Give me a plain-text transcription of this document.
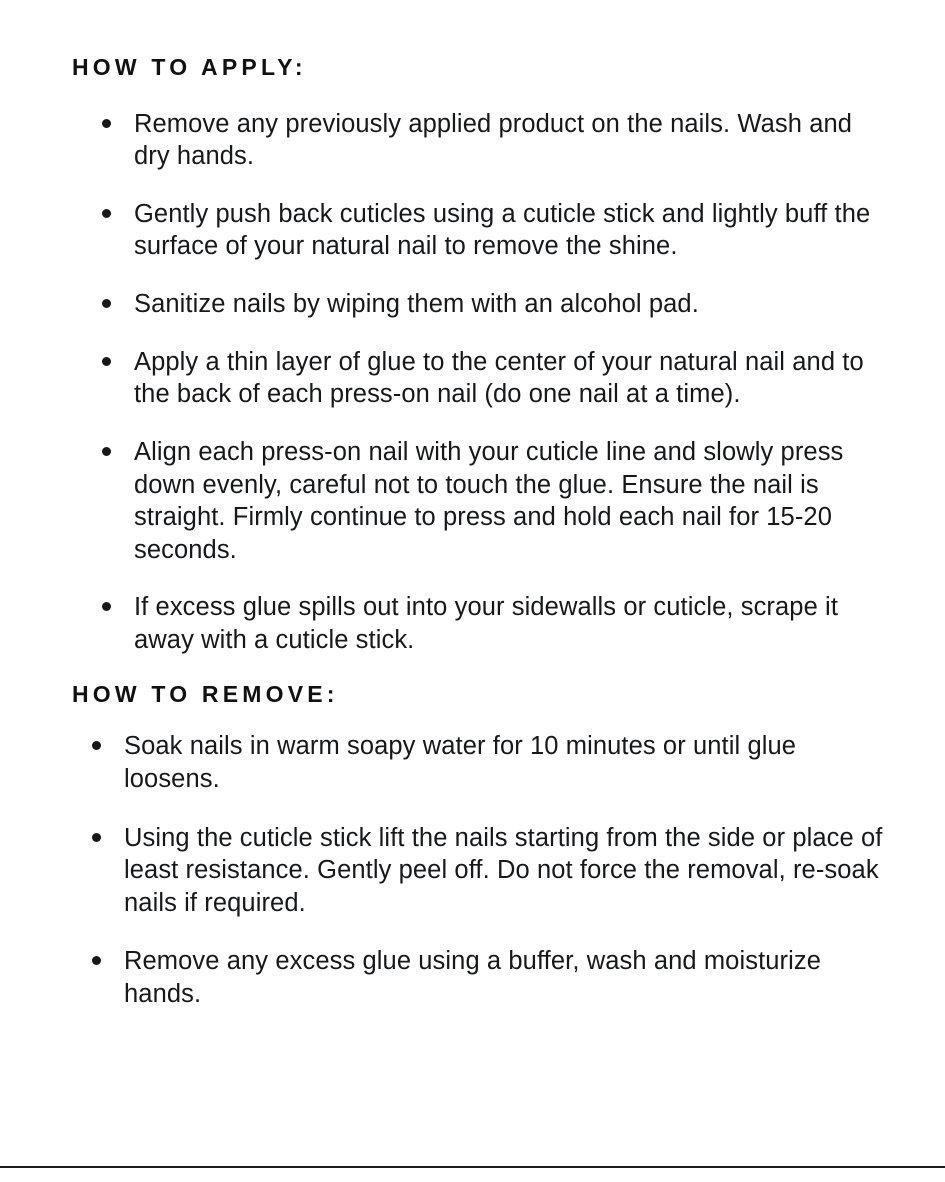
HOW TO APPLY:
Remove any previously applied product on the nails. Wash and dry hands.
Gently push back cuticles using a cuticle stick and lightly buff the surface of your natural nail to remove the shine.
Sanitize nails by wiping them with an alcohol pad.
Apply a thin layer of glue to the center of your natural nail and to the back of each press-on nail (do one nail at a time).
Align each press-on nail with your cuticle line and slowly press down evenly, careful not to touch the glue. Ensure the nail is straight. Firmly continue to press and hold each nail for 15-20 seconds.
If excess glue spills out into your sidewalls or cuticle, scrape it away with a cuticle stick.
HOW TO REMOVE:
Soak nails in warm soapy water for 10 minutes or until glue loosens.
Using the cuticle stick lift the nails starting from the side or place of least resistance. Gently peel off. Do not force the removal, re-soak nails if required.
Remove any excess glue using a buffer, wash and moisturize hands.
